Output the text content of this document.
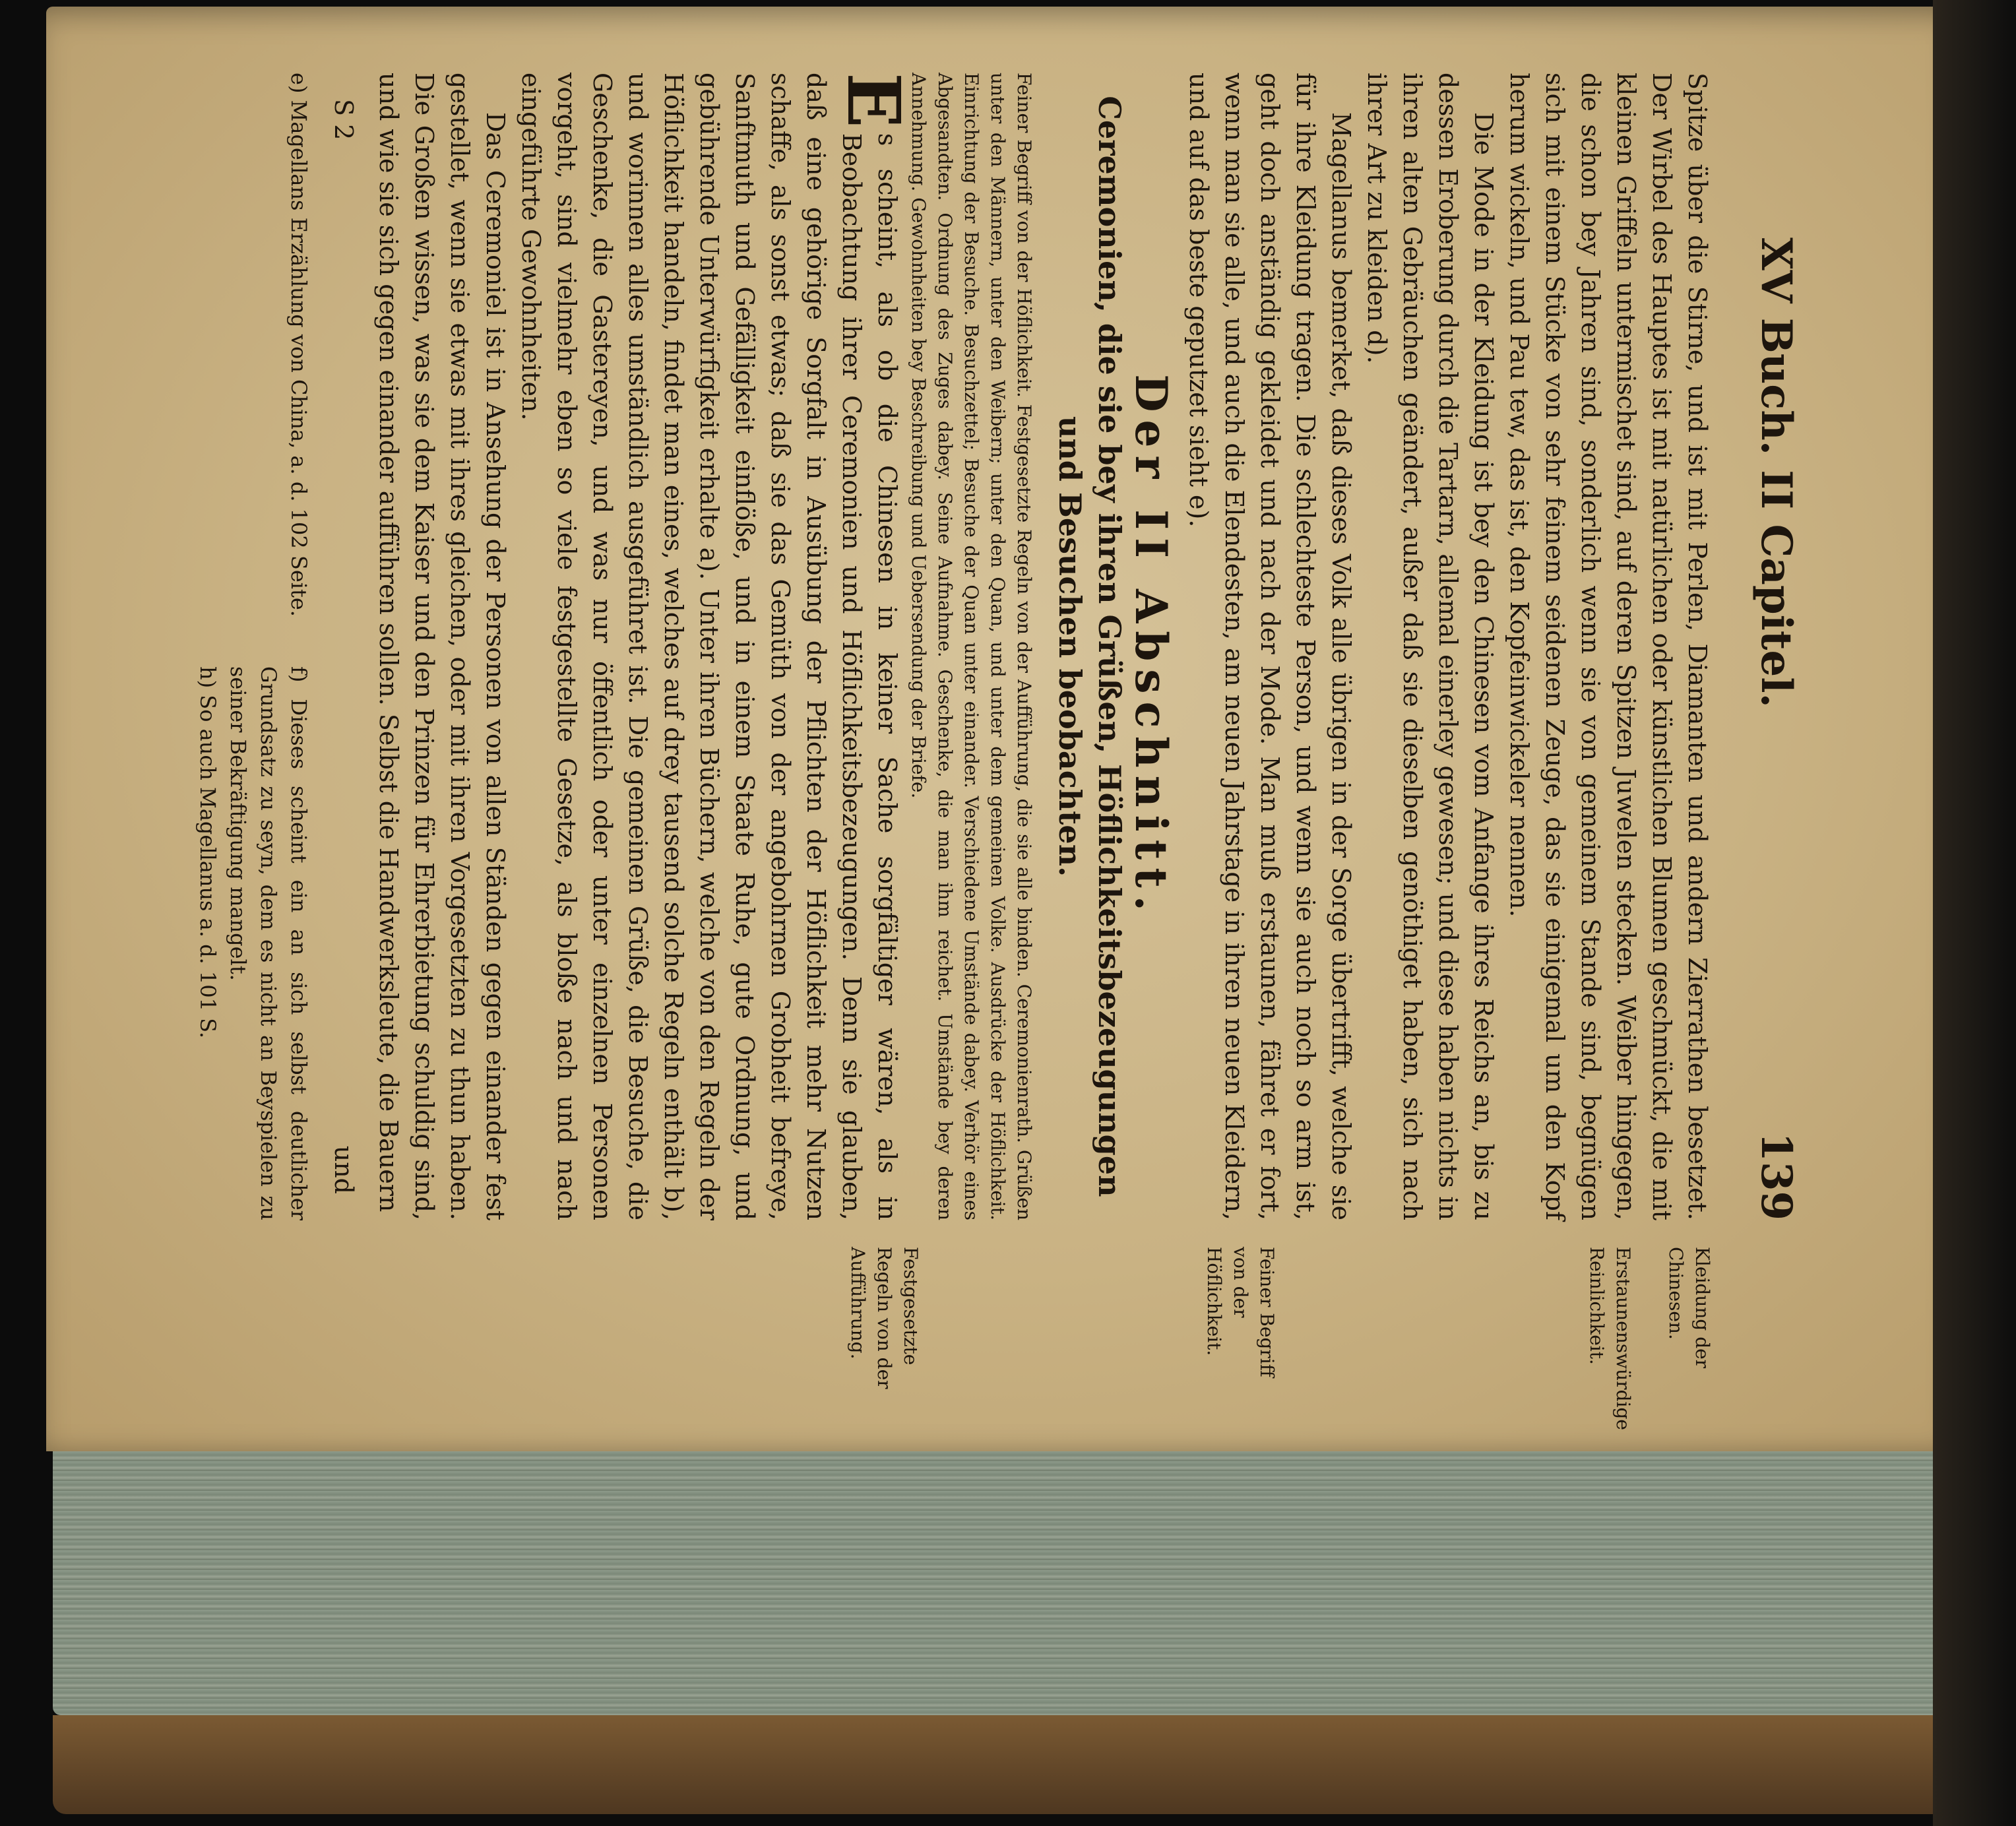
XV Buch. II Capitel.
139

Spitze über die Stirne, und ist mit Perlen, Diamanten und andern Zierrathen besetzet. Der Wirbel des Hauptes ist mit natürlichen oder künstlichen Blumen geschmückt, die mit kleinen Griffeln untermischet sind, auf deren Spitzen Juwelen stecken. Weiber hingegen, die schon bey Jahren sind, sonderlich wenn sie von gemeinem Stande sind, begnügen sich mit einem Stücke von sehr feinem seidenen Zeuge, das sie einigemal um den Kopf herum wickeln, und Pau tew, das ist, den Kopfeinwickeler nennen.

Die Mode in der Kleidung ist bey den Chinesen vom Anfange ihres Reichs an, bis zu dessen Eroberung durch die Tartarn, allemal einerley gewesen; und diese haben nichts in ihren alten Gebräuchen geändert, außer daß sie dieselben genöthiget haben, sich nach ihrer Art zu kleiden d).

Magellanus bemerket, daß dieses Volk alle übrigen in der Sorge übertrifft, welche sie für ihre Kleidung tragen. Die schlechteste Person, und wenn sie auch noch so arm ist, geht doch anständig gekleidet und nach der Mode. Man muß erstaunen, fähret er fort, wenn man sie alle, und auch die Elendesten, am neuen Jahrstage in ihren neuen Kleidern, und auf das beste geputzet sieht e).

Der II Abschnitt.
Ceremonien, die sie bey ihren Grüßen, Höflichkeitsbezeugungen und Besuchen beobachten.

Feiner Begriff von der Höflichkeit. Festgesetzte Regeln von der Aufführung, die sie alle binden. Ceremonienrath. Grüßen unter den Männern, unter den Weibern; unter den Quan, und unter dem gemeinen Volke. Ausdrücke der Höflichkeit. Einrichtung der Besuche. Besuchzettel; Besuche der Quan unter einander. Verschiedene Umstände dabey. Verhör eines Abgesandten. Ordnung des Zuges dabey. Seine Aufnahme. Geschenke, die man ihm reichet. Umstände bey deren Annehmung. Gewohnheiten bey Beschreibung und Uebersendung der Briefe.

E
s scheint, als ob die Chinesen in keiner Sache sorgfältiger wären, als in Beobachtung ihrer Ceremonien und Höflichkeitsbezeugungen. Denn sie glauben, daß eine gehörige Sorgfalt in Ausübung der Pflichten der Höflichkeit mehr Nutzen schaffe, als sonst etwas; daß sie das Gemüth von der angebohrnen Grobheit befreye, Sanftmuth und Gefälligkeit einflöße, und in einem Staate Ruhe, gute Ordnung, und gebührende Unterwürfigkeit erhalte a). Unter ihren Büchern, welche von den Regeln der Höflichkeit handeln, findet man eines, welches auf drey tausend solche Regeln enthält b), und worinnen alles umständlich ausgeführet ist. Die gemeinen Grüße, die Besuche, die Geschenke, die Gastereyen, und was nur öffentlich oder unter einzelnen Personen vorgeht, sind vielmehr eben so viele festgestellte Gesetze, als bloße nach und nach eingeführte Gewohnheiten.

Das Ceremoniel ist in Ansehung der Personen von allen Ständen gegen einander fest gestellet, wenn sie etwas mit ihres gleichen, oder mit ihren Vorgesetzten zu thun haben. Die Großen wissen, was sie dem Kaiser und den Prinzen für Ehrerbietung schuldig sind, und wie sie sich gegen einander aufführen sollen. Selbst die Handwerksleute, die Bauern

S 2
und

e) Magellans Erzählung von China, a. d. 102 Seite.

f) Dieses scheint ein an sich selbst deutlicher Grundsatz zu seyn, dem es nicht an Beyspielen zu seiner Bekräftigung mangelt.

h) So auch Magellanus a. d. 101 S.

Kleidung der Chinesen.
Erstaunenswürdige Reinlichkeit.
Feiner Begriff von der Höflichkeit.
Festgesetzte Regeln von der Aufführung.
